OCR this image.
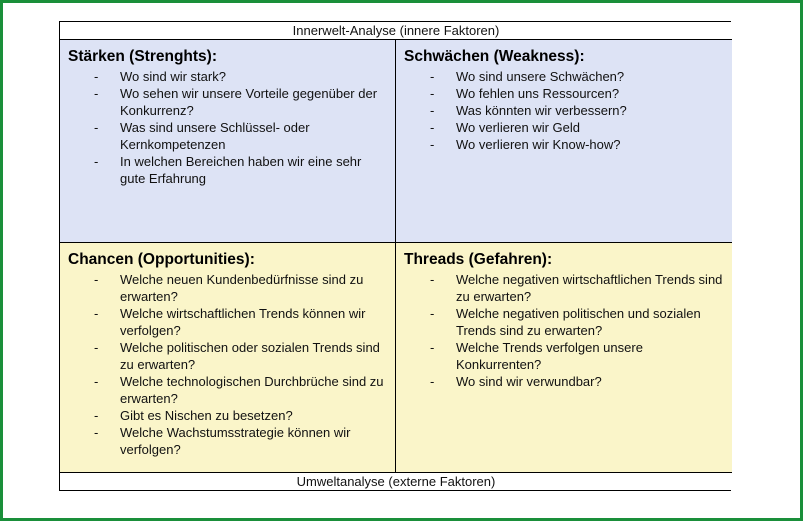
Innerwelt-Analyse (innere Faktoren)
Stärken (Strenghts):
- Wo sind wir stark?
- Wo sehen wir unsere Vorteile gegenüber der Konkurrenz?
- Was sind unsere Schlüssel- oder Kernkompetenzen
- In welchen Bereichen haben wir eine sehr gute Erfahrung
Schwächen (Weakness):
- Wo sind unsere Schwächen?
- Wo fehlen uns Ressourcen?
- Was könnten wir verbessern?
- Wo verlieren wir Geld
- Wo verlieren wir Know-how?
Chancen (Opportunities):
- Welche neuen Kundenbedürfnisse sind zu erwarten?
- Welche wirtschaftlichen Trends können wir verfolgen?
- Welche politischen oder sozialen Trends sind zu erwarten?
- Welche technologischen Durchbrüche sind zu erwarten?
- Gibt es Nischen zu besetzen?
- Welche Wachstumsstrategie können wir verfolgen?
Threads (Gefahren):
- Welche negativen wirtschaftlichen Trends sind zu erwarten?
- Welche negativen politischen und sozialen Trends sind zu erwarten?
- Welche Trends verfolgen unsere Konkurrenten?
- Wo sind wir verwundbar?
Umweltanalyse (externe Faktoren)
